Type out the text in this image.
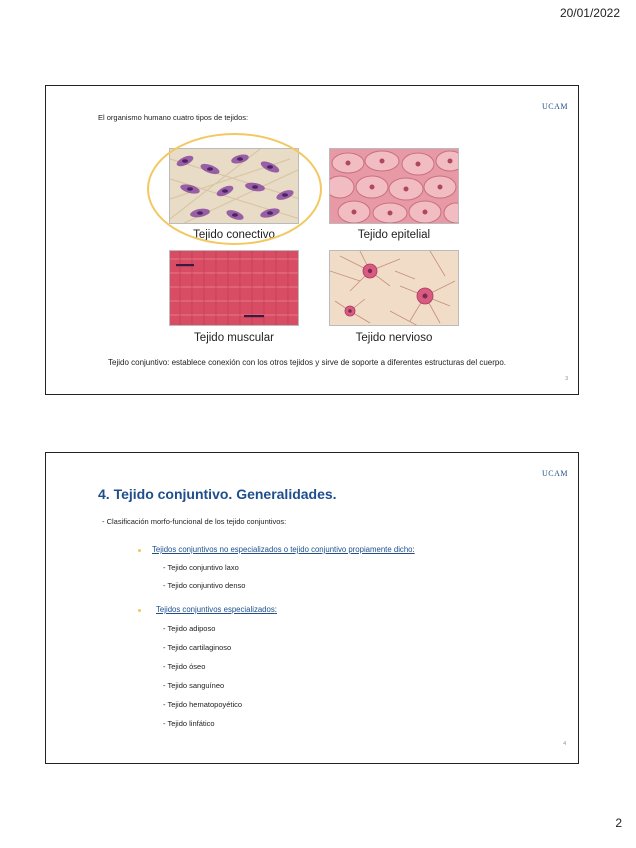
20/01/2022
UCAM
El organismo humano cuatro tipos de tejidos:
Tejido conectivo	Tejido epitelial
Tejido muscular	Tejido nervioso
Tejido conjuntivo: establece conexión con los otros tejidos y sirve de soporte a diferentes estructuras del cuerpo.
3
UCAM
4. Tejido conjuntivo. Generalidades.
- Clasificación morfo-funcional de los tejido conjuntivos:
Tejidos conjuntivos no especializados o tejido conjuntivo propiamente dicho:
- Tejido conjuntivo laxo
- Tejido conjuntivo denso
Tejidos conjuntivos especializados:
- Tejido adiposo
- Tejido cartilaginoso
- Tejido óseo
- Tejido sanguíneo
- Tejido hematopoyético
- Tejido linfático
4
2
